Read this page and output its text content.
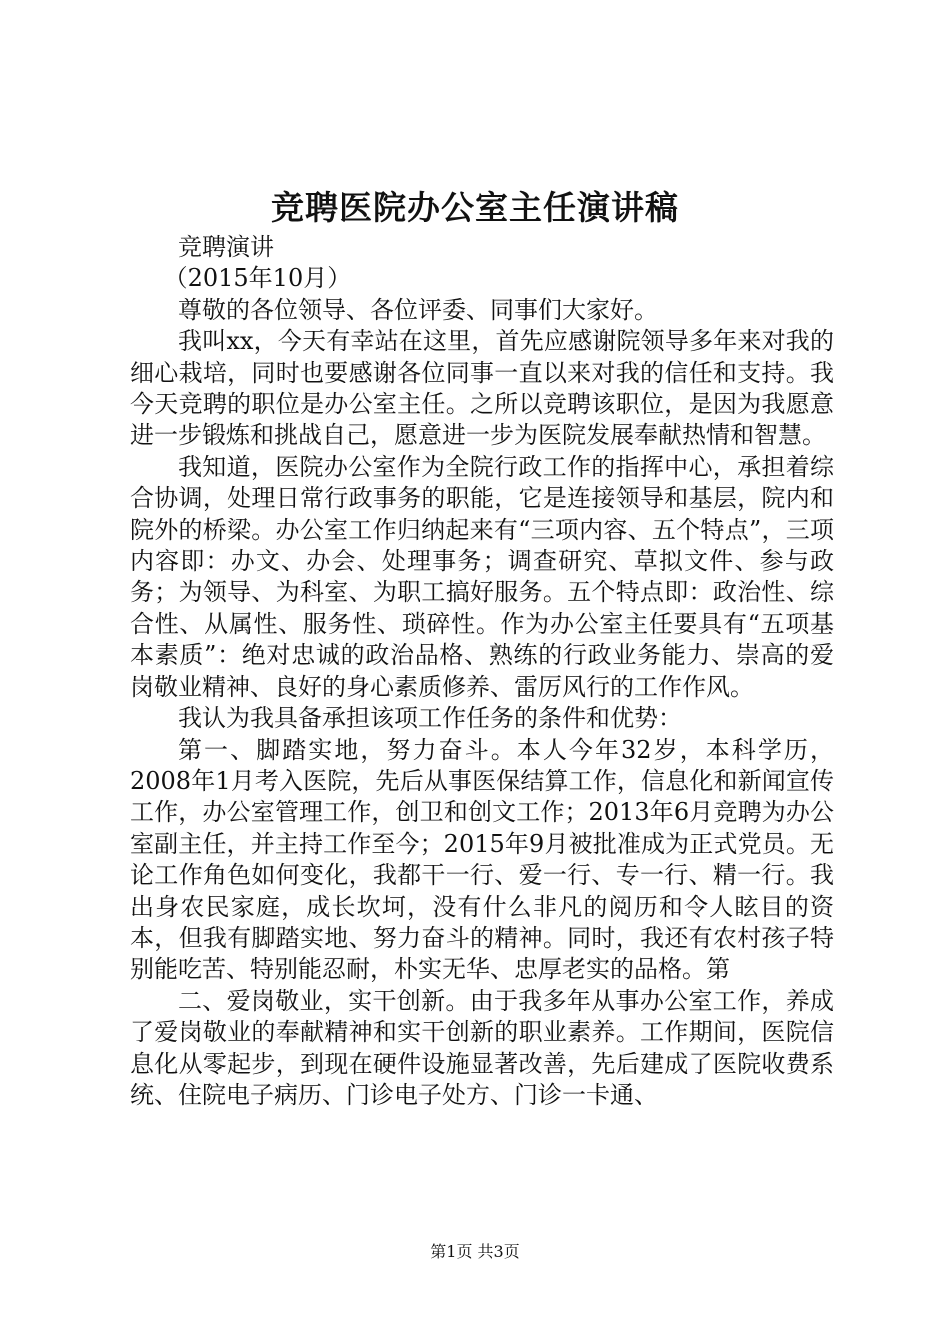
竞聘医院办公室主任演讲稿

竞聘演讲

（2015年10月）

尊敬的各位领导、各位评委、同事们大家好。

我叫xx，今天有幸站在这里，首先应感谢院领导多年来对我的细心栽培，同时也要感谢各位同事一直以来对我的信任和支持。我今天竞聘的职位是办公室主任。之所以竞聘该职位，是因为我愿意进一步锻炼和挑战自己，愿意进一步为医院发展奉献热情和智慧。

我知道，医院办公室作为全院行政工作的指挥中心，承担着综合协调，处理日常行政事务的职能，它是连接领导和基层，院内和院外的桥梁。办公室工作归纳起来有“三项内容、五个特点”，三项内容即：办文、办会、处理事务；调查研究、草拟文件、参与政务；为领导、为科室、为职工搞好服务。五个特点即：政治性、综合性、从属性、服务性、琐碎性。作为办公室主任要具有“五项基本素质”：绝对忠诚的政治品格、熟练的行政业务能力、崇高的爱岗敬业精神、良好的身心素质修养、雷厉风行的工作作风。

我认为我具备承担该项工作任务的条件和优势：

第一、脚踏实地，努力奋斗。本人今年32岁，本科学历，2008年1月考入医院，先后从事医保结算工作，信息化和新闻宣传工作，办公室管理工作，创卫和创文工作；2013年6月竞聘为办公室副主任，并主持工作至今；2015年9月被批准成为正式党员。无论工作角色如何变化，我都干一行、爱一行、专一行、精一行。我出身农民家庭，成长坎坷，没有什么非凡的阅历和令人眩目的资本，但我有脚踏实地、努力奋斗的精神。同时，我还有农村孩子特别能吃苦、特别能忍耐，朴实无华、忠厚老实的品格。第

二、爱岗敬业，实干创新。由于我多年从事办公室工作，养成了爱岗敬业的奉献精神和实干创新的职业素养。工作期间，医院信息化从零起步，到现在硬件设施显著改善，先后建成了医院收费系统、住院电子病历、门诊电子处方、门诊一卡通、

第1页 共3页
